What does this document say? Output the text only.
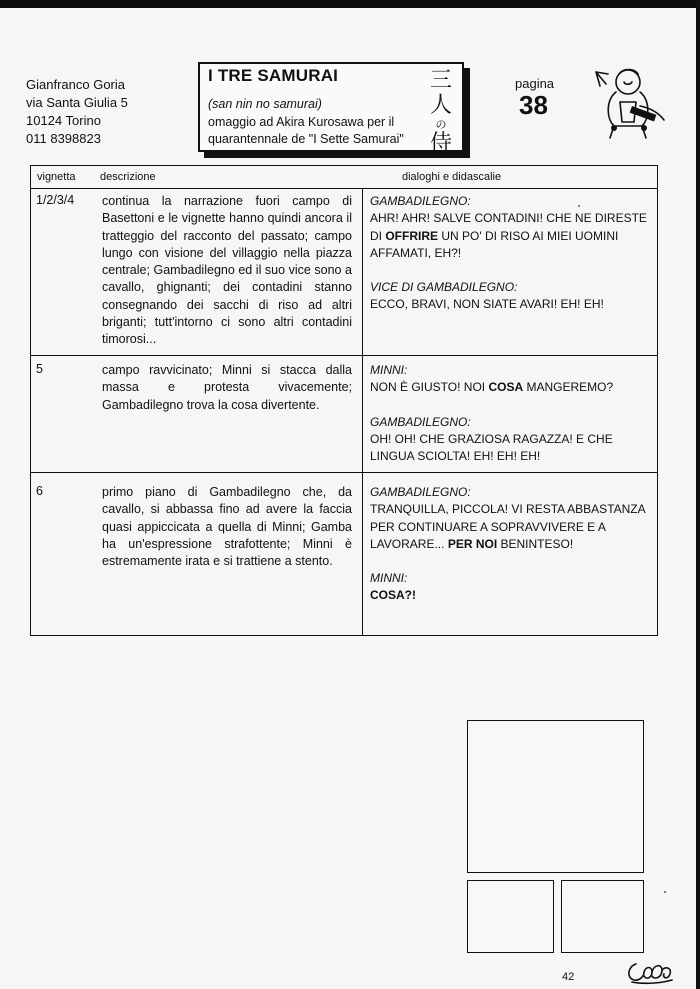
Gianfranco Goria
via Santa Giulia 5
10124 Torino
011 8398823
I TRE SAMURAI
(san nin no samurai)
omaggio ad Akira Kurosawa per il
quarantennale de "I Sette Samurai"
三
人
の
侍
pagina
38
vignetta descrizione	dialoghi e didascalie
1/2/3/4 continua la narrazione fuori campo di Basettoni e le vignette hanno quindi ancora il tratteggio del racconto del passato; campo lungo con visione del villaggio nella piazza centrale; Gambadilegno ed il suo vice sono a cavallo, ghignanti; dei contadini stanno consegnando dei sacchi di riso ad altri briganti; tutt'intorno ci sono altri contadini timorosi...
GAMBADILEGNO:
AHR! AHR! SALVE CONTADINI! CHE NE DIRESTE DI OFFRIRE UN PO' DI RISO AI MIEI UOMINI AFFAMATI, EH?!
VICE DI GAMBADILEGNO:
ECCO, BRAVI, NON SIATE AVARI! EH! EH!
5	campo ravvicinato; Minni si stacca dalla massa e protesta vivacemente; Gambadilegno trova la cosa divertente.
MINNI:
NON È GIUSTO! NOI COSA MANGEREMO?
GAMBADILEGNO:
OH! OH! CHE GRAZIOSA RAGAZZA! E CHE LINGUA SCIOLTA! EH! EH! EH!
6	primo piano di Gambadilegno che, da cavallo, si abbassa fino ad avere la faccia quasi appiccicata a quella di Minni; Gamba ha un'espressione strafottente; Minni è estremamente irata e si trattiene a stento.
GAMBADILEGNO:
TRANQUILLA, PICCOLA! VI RESTA ABBASTANZA PER CONTINUARE A SOPRAVVIVERE E A LAVORARE... PER NOI BENINTESO!
MINNI:
COSA?!
42
